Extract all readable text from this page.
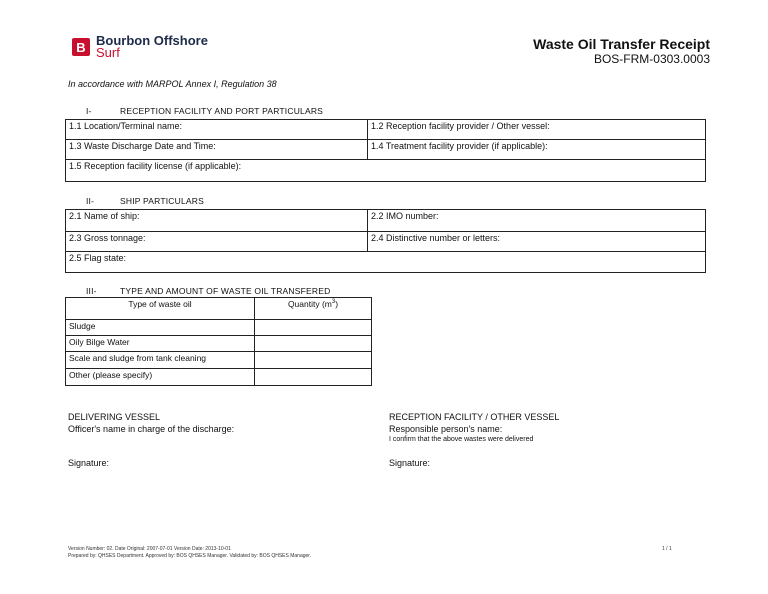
B Bourbon Offshore
Surf
Waste Oil Transfer Receipt
BOS-FRM-0303.0003
In accordance with MARPOL Annex I, Regulation 38
I-	RECEPTION FACILITY AND PORT PARTICULARS
1.1 Location/Terminal name:	1.2 Reception facility provider / Other vessel:
1.3 Waste Discharge Date and Time:	1.4 Treatment facility provider (if applicable):
1.5 Reception facility license (if applicable):	
II-	SHIP PARTICULARS
2.1 Name of ship:	2.2 IMO number:
2.3 Gross tonnage:	2.4 Distinctive number or letters:
2.5 Flag state:	
III-	TYPE AND AMOUNT OF WASTE OIL TRANSFERED
Type of waste oil	Quantity $(m^3)$
Sludge	
Oily Bilge Water	
Scale and sludge from tank cleaning	
Other (please specify)	
DELIVERING VESSEL
Officer's name in charge of the discharge:
Signature:
RECEPTION FACILITY / OTHER VESSEL
Responsible person's name:
I confirm that the above wastes were delivered
Signature:
Version Number: 02. Date Original: 2007-07-01 Version Date: 2013-10-01
Prepared by: QHSES Department. Approved by: BOS QHSES Manager. Validated by: BOS QHSES Manager.
1 / 1
